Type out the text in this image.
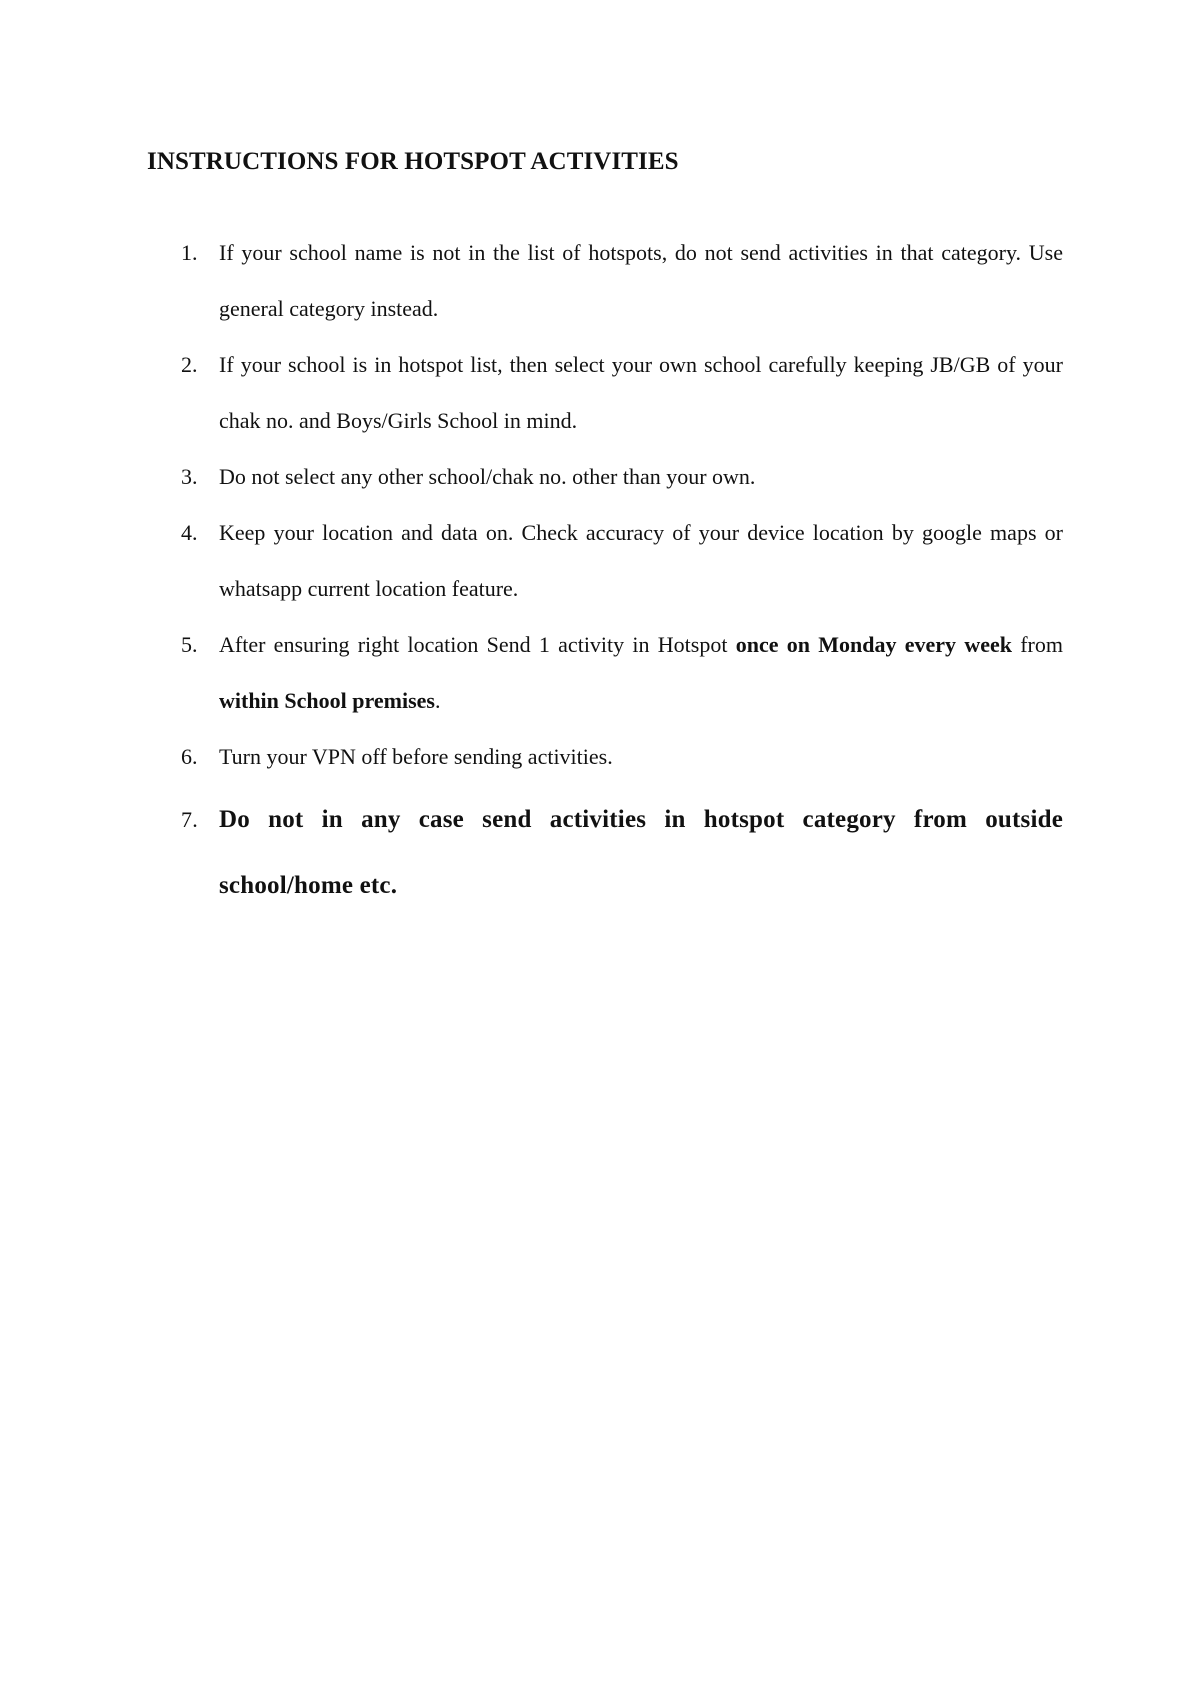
INSTRUCTIONS FOR HOTSPOT ACTIVITIES
1. If your school name is not in the list of hotspots, do not send activities in that category. Use general category instead.
2. If your school is in hotspot list, then select your own school carefully keeping JB/GB of your chak no. and Boys/Girls School in mind.
3. Do not select any other school/chak no. other than your own.
4. Keep your location and data on. Check accuracy of your device location by google maps or whatsapp current location feature.
5. After ensuring right location Send 1 activity in Hotspot once on Monday every week from within School premises.
6. Turn your VPN off before sending activities.
7. Do not in any case send activities in hotspot category from outside school/home etc.
